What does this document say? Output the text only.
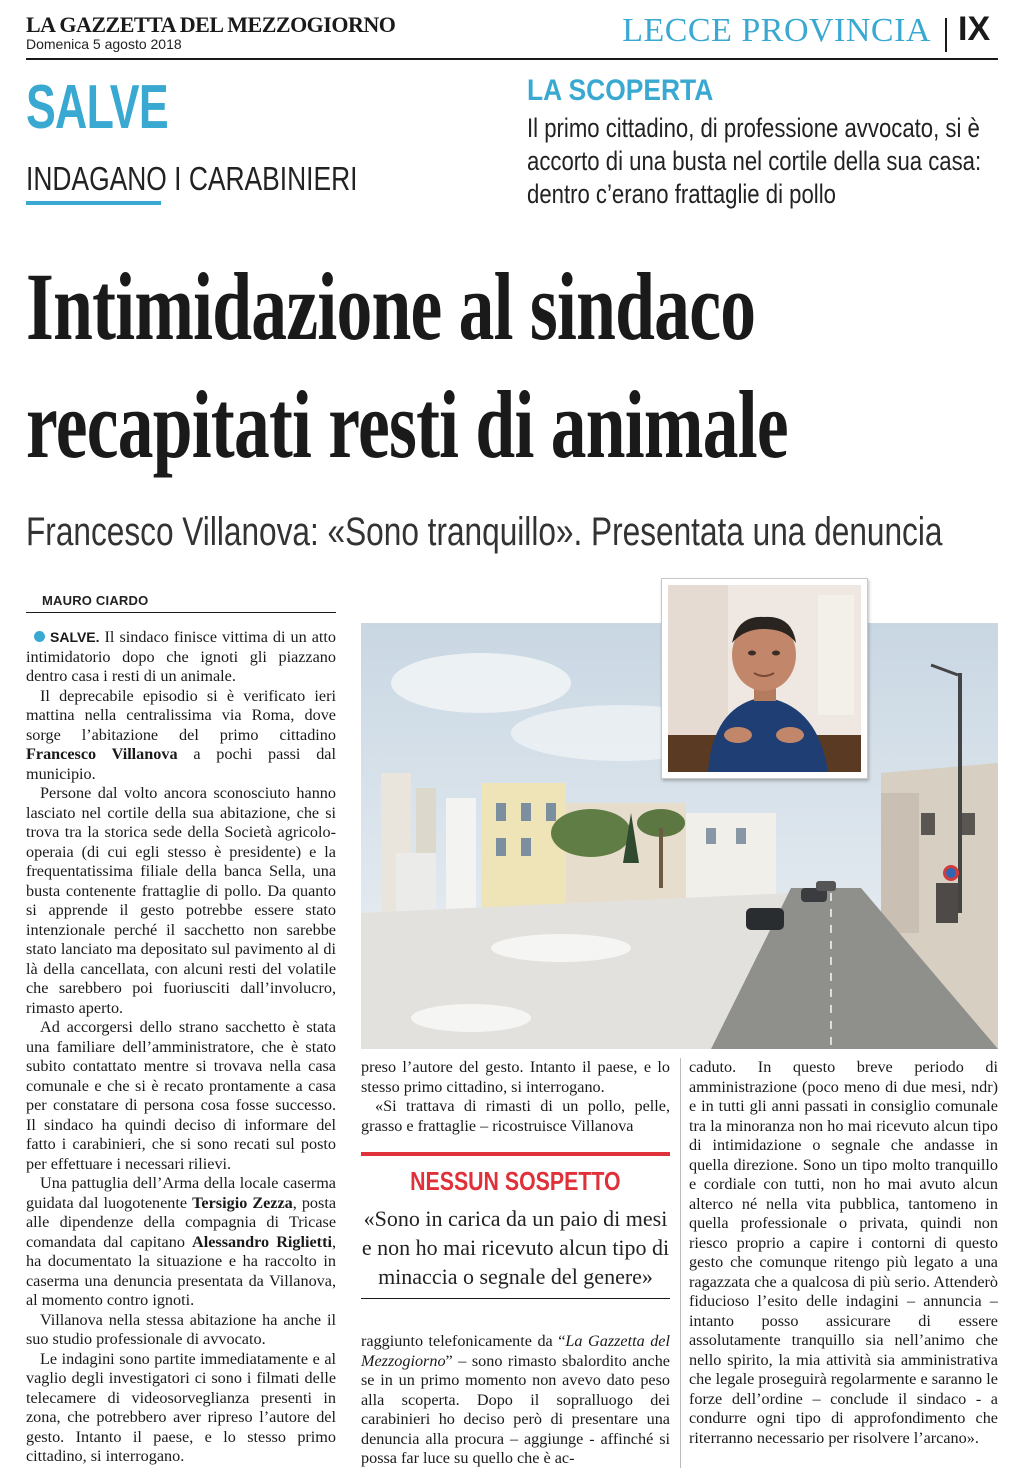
LA GAZZETTA DEL MEZZOGIORNO
Domenica 5 agosto 2018	LECCE PROVINCIA IX
SALVE
INDAGANO I CARABINIERI
LA SCOPERTA
Il primo cittadino, di professione avvocato, si è accorto di una busta nel cortile della sua casa: dentro c’erano frattaglie di pollo
Intimidazione al sindaco
recapitati resti di animale
Francesco Villanova: «Sono tranquillo». Presentata una denuncia
MAURO CIARDO

SALVE. Il sindaco finisce vittima di un atto intimidatorio dopo che ignoti gli piazzano dentro casa i resti di un animale.

Il deprecabile episodio si è verificato ieri mattina nella centralissima via Roma, dove sorge l’abitazione del primo cittadino Francesco Villanova a pochi passi dal municipio.

Persone dal volto ancora sconosciuto hanno lasciato nel cortile della sua abitazione, che si trova tra la storica sede della Società agricolo-operaia (di cui egli stesso è presidente) e la frequentatissima filiale della banca Sella, una busta contenente frattaglie di pollo. Da quanto si apprende il gesto potrebbe essere stato intenzionale perché il sacchetto non sarebbe stato lanciato ma depositato sul pavimento al di là della cancellata, con alcuni resti del volatile che sarebbero poi fuoriusciti dall’involucro, rimasto aperto.

Ad accorgersi dello strano sacchetto è stata una familiare dell’amministratore, che è stato subito contattato mentre si trovava nella casa comunale e che si è recato prontamente a casa per constatare di persona cosa fosse successo. Il sindaco ha quindi deciso di informare del fatto i carabinieri, che si sono recati sul posto per effettuare i necessari rilievi.

Una pattuglia dell’Arma della locale caserma guidata dal luogotenente Tersigio Zezza, posta alle dipendenze della compagnia di Tricase comandata dal capitano Alessandro Riglietti, ha documentato la situazione e ha raccolto in caserma una denuncia presentata da Villanova, al momento contro ignoti.

Villanova nella stessa abitazione ha anche il suo studio professionale di avvocato.

Le indagini sono partite immediatamente e al vaglio degli investigatori ci sono i filmati delle telecamere di videosorveglianza presenti in zona, che potrebbero aver ripreso l’autore del gesto. Intanto il paese, e lo stesso primo cittadino, si interrogano.

preso l’autore del gesto. Intanto il paese, e lo stesso primo cittadino, si interrogano.

«Si trattava di rimasti di un pollo, pelle, grasso e frattaglie – ricostruisce Villanova

NESSUN SOSPETTO
«Sono in carica da un paio di mesi e non ho mai ricevuto alcun tipo di minaccia o segnale del genere»

raggiunto telefonicamente da “La Gazzetta del Mezzogiorno” – sono rimasto sbalordito anche se in un primo momento non avevo dato peso alla scoperta. Dopo il sopralluogo dei carabinieri ho deciso però di presentare una denuncia alla procura – aggiunge - affinché si possa far luce su quello che è ac-

caduto. In questo breve periodo di amministrazione (poco meno di due mesi, ndr) e in tutti gli anni passati in consiglio comunale tra la minoranza non ho mai ricevuto alcun tipo di intimidazione o segnale che andasse in quella direzione. Sono un tipo molto tranquillo e cordiale con tutti, non ho mai avuto alcun alterco né nella vita pubblica, tantomeno in quella professionale o privata, quindi non riesco proprio a capire i contorni di questo gesto che comunque ritengo più legato a una ragazzata che a qualcosa di più serio. Attenderò fiducioso l’esito delle indagini – annuncia – intanto posso assicurare di essere assolutamente tranquillo sia nell’animo che nello spirito, la mia attività sia amministrativa che legale proseguirà regolarmente e saranno le forze dell’ordine – conclude il sindaco - a condurre ogni tipo di approfondimento che riterranno necessario per risolvere l’arcano».
